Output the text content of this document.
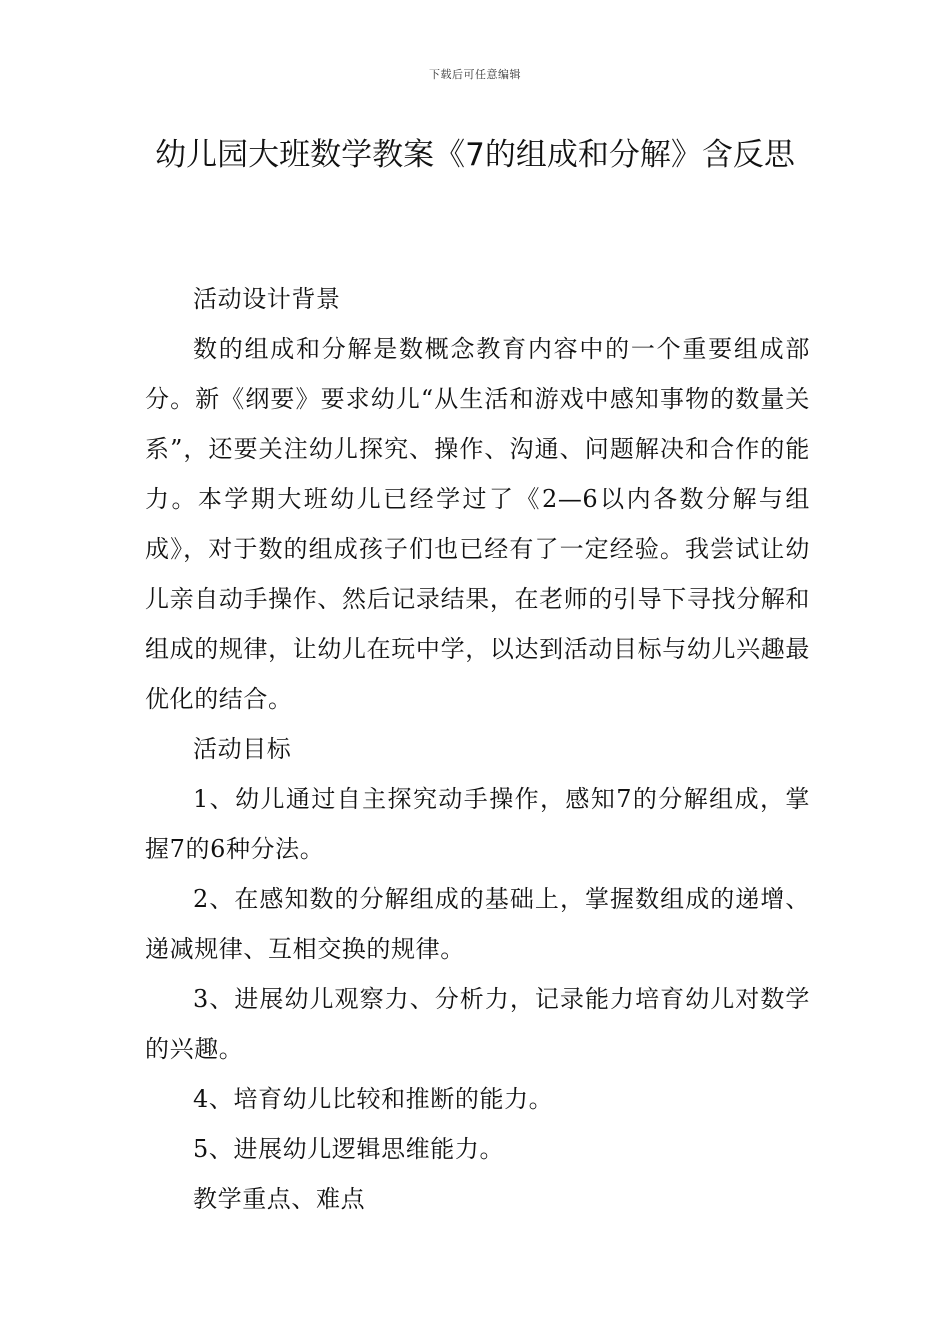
下载后可任意编辑
幼儿园大班数学教案《7的组成和分解》含反思

活动设计背景

数的组成和分解是数概念教育内容中的一个重要组成部分。新《纲要》要求幼儿“从生活和游戏中感知事物的数量关系”，还要关注幼儿探究、操作、沟通、问题解决和合作的能力。本学期大班幼儿已经学过了《2—6以内各数分解与组成》，对于数的组成孩子们也已经有了一定经验。我尝试让幼儿亲自动手操作、然后记录结果，在老师的引导下寻找分解和组成的规律，让幼儿在玩中学，以达到活动目标与幼儿兴趣最优化的结合。

活动目标

1、幼儿通过自主探究动手操作，感知7的分解组成，掌握7的6种分法。

2、在感知数的分解组成的基础上，掌握数组成的递增、递减规律、互相交换的规律。

3、进展幼儿观察力、分析力，记录能力培育幼儿对数学的兴趣。

4、培育幼儿比较和推断的能力。

5、进展幼儿逻辑思维能力。

教学重点、难点
